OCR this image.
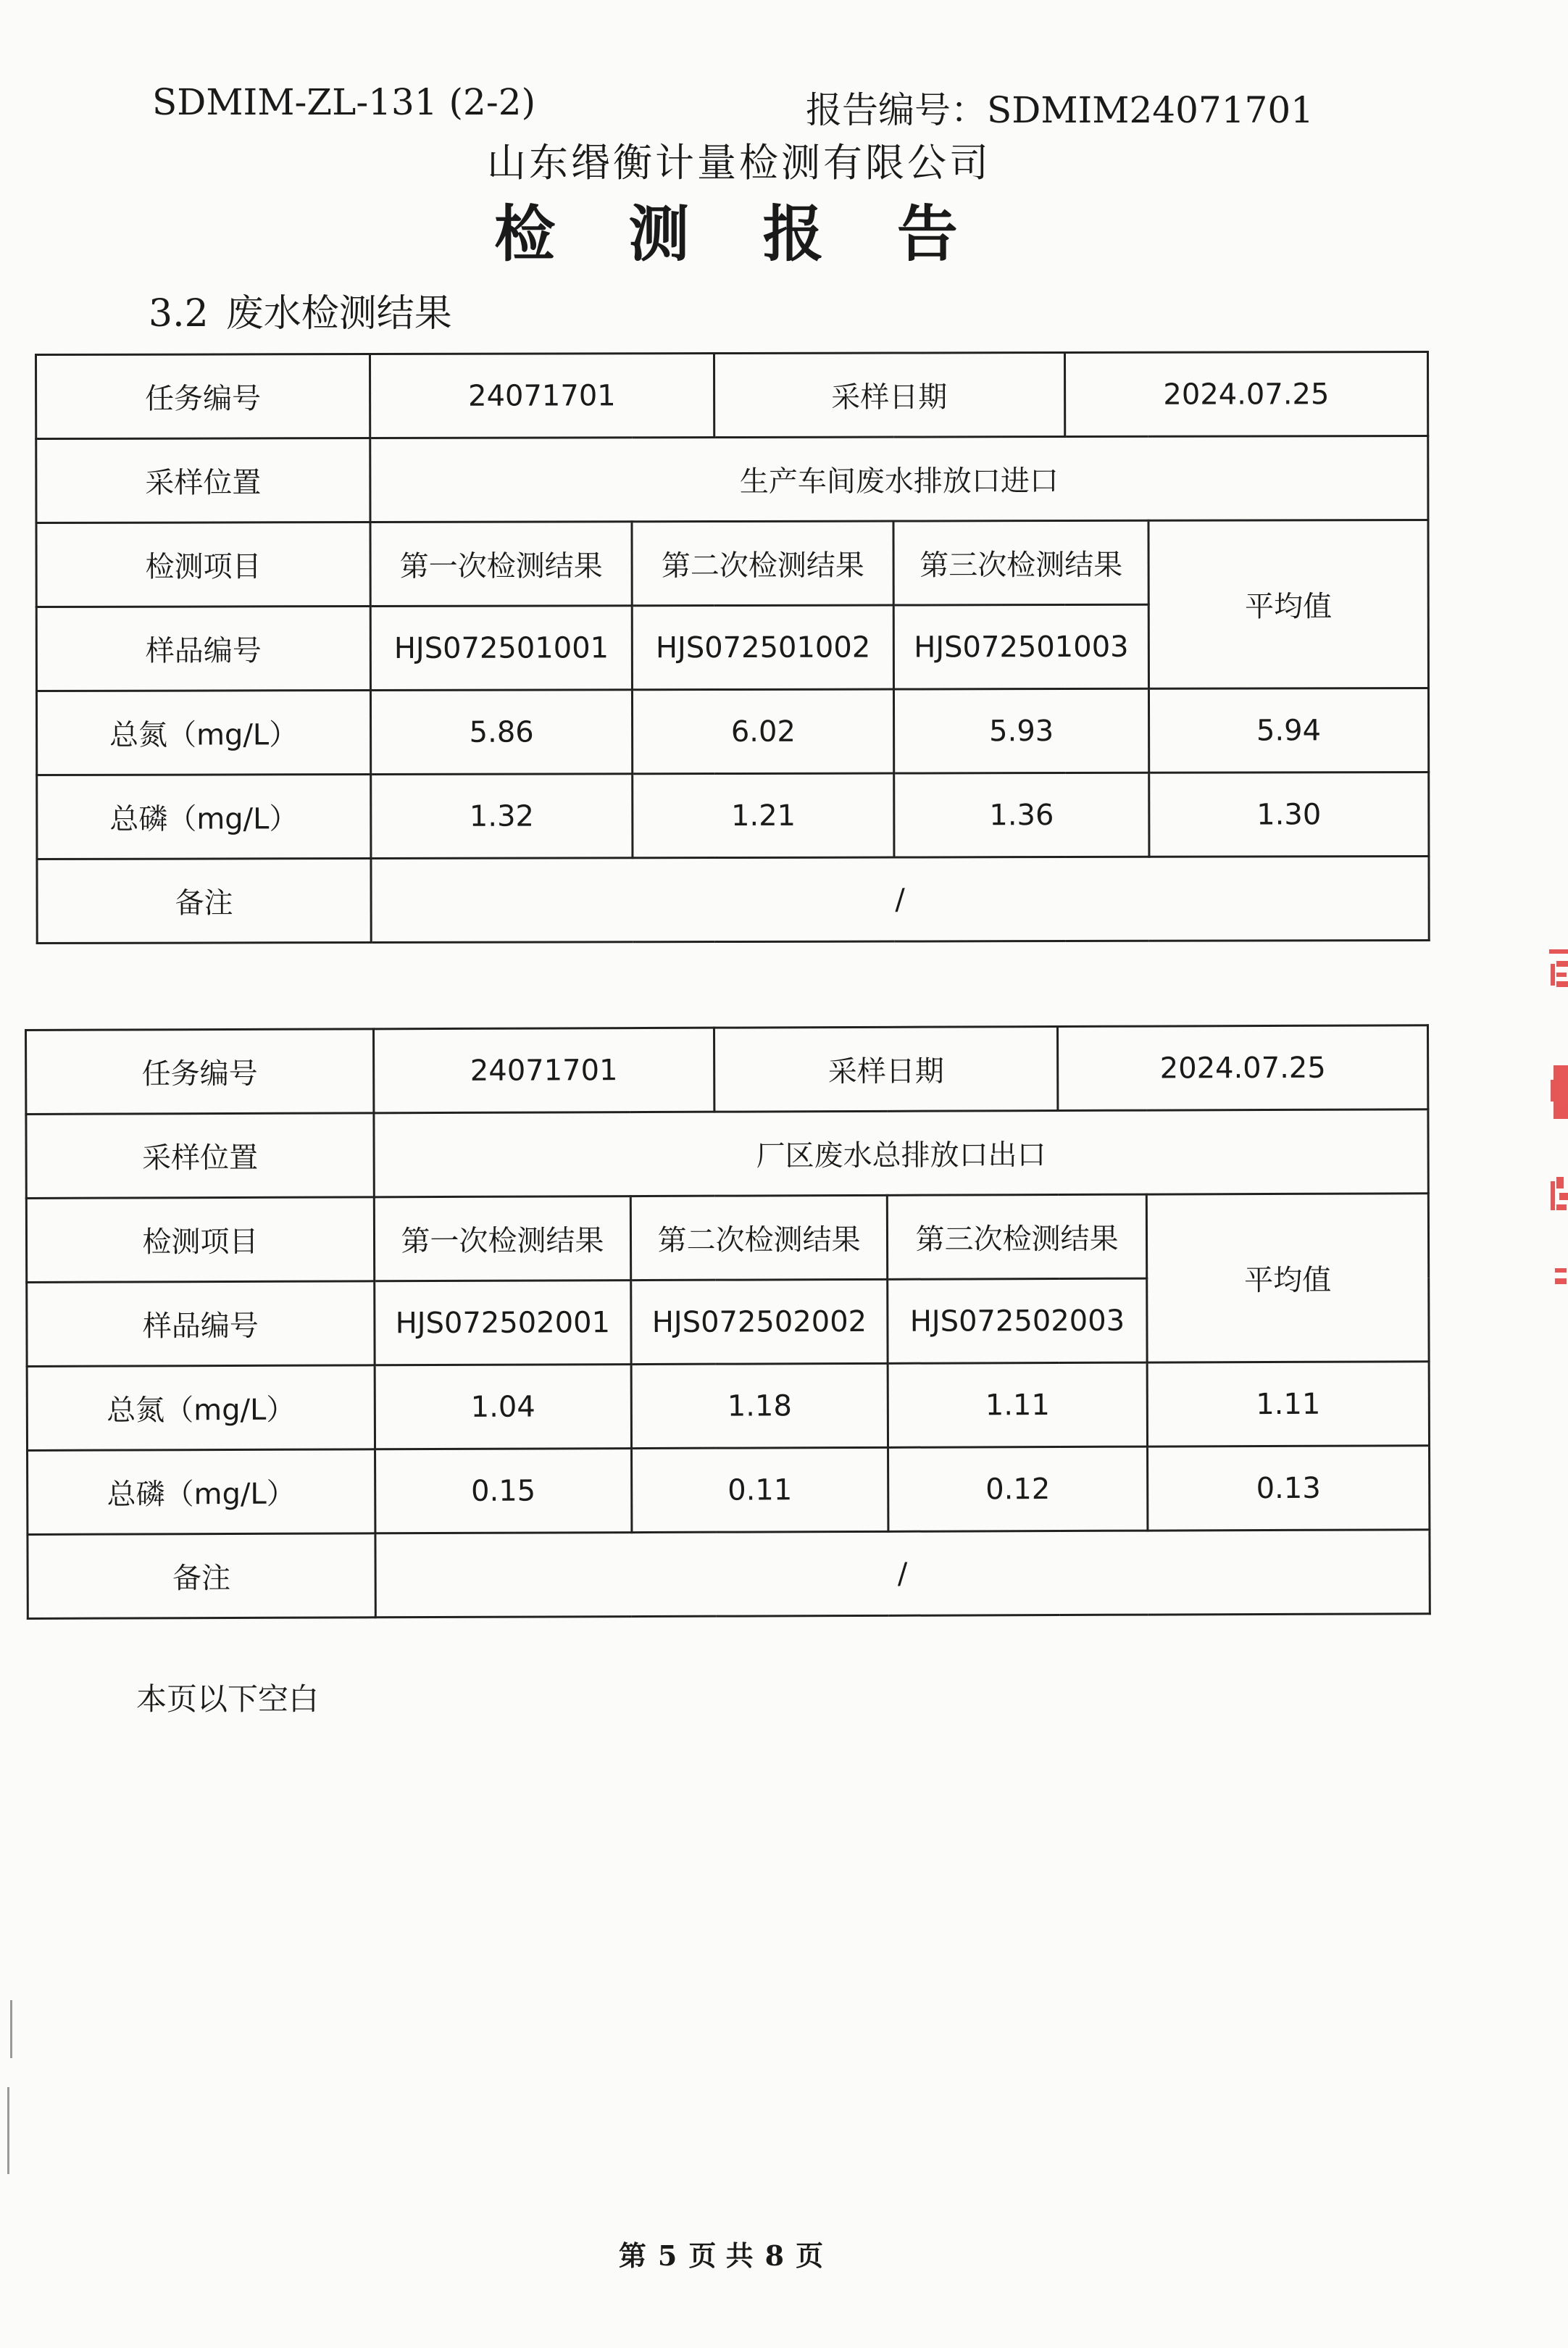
SDMIM-ZL-131 (2-2)	报告编号：SDMIM24071701
山东缗衡计量检测有限公司
检 测 报 告
3.2 废水检测结果
任务编号	24071701		采样日期		2024.07.25	
采样位置	生产车间废水排放口进口					
检测项目	第一次检测结果	第二次检测结果		第三次检测结果		平均值
样品编号	HJS072501001	HJS072501002		HJS072501003		
总氮（mg/L）	5.86	6.02		5.93		5.94
总磷（mg/L）	1.32	1.21		1.36		1.30
备注	/					
任务编号	24071701		采样日期		2024.07.25	
采样位置	厂区废水总排放口出口					
检测项目	第一次检测结果	第二次检测结果		第三次检测结果		平均值
样品编号	HJS072502001	HJS072502002		HJS072502003		
总氮（mg/L）	1.04	1.18		1.11		1.11
总磷（mg/L）	0.15	0.11		0.12		0.13
备注	/					
本页以下空白
第 5 页 共 8 页
